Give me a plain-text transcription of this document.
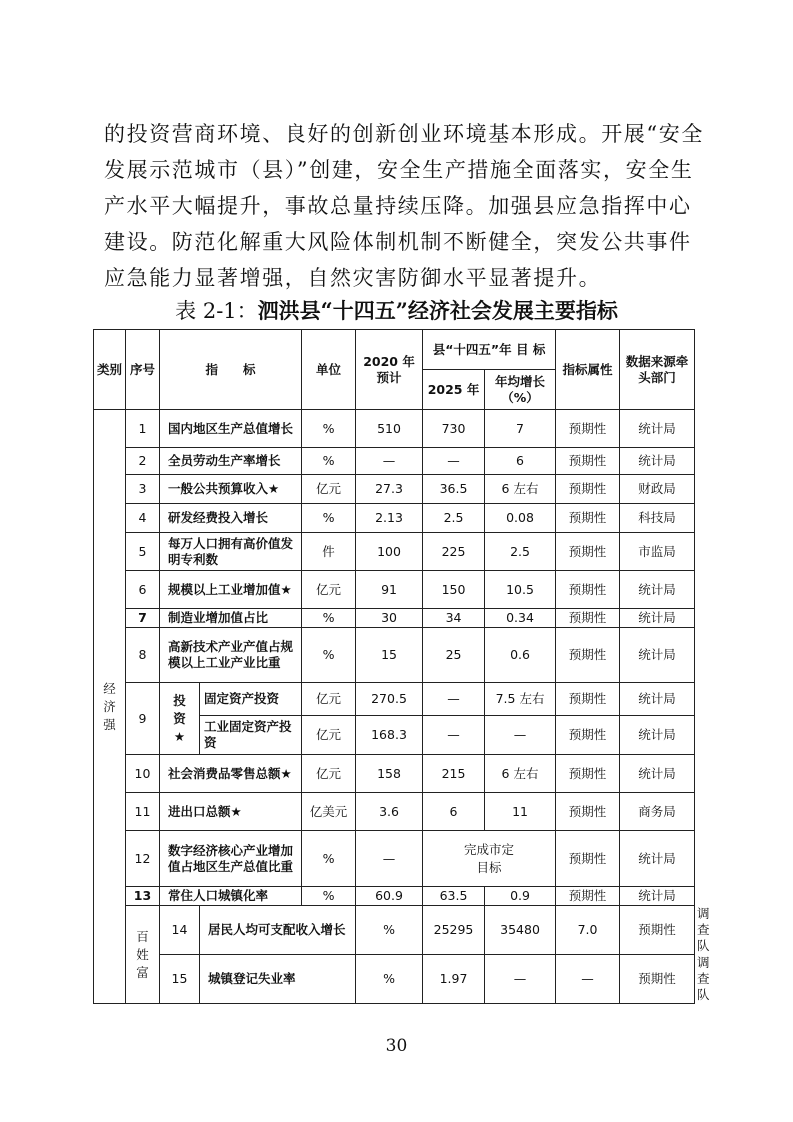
的投资营商环境、良好的创新创业环境基本形成。开展“安全
发展示范城市（县）”创建，安全生产措施全面落实，安全生
产水平大幅提升，事故总量持续压降。加强县应急指挥中心
建设。防范化解重大风险体制机制不断健全，突发公共事件
应急能力显著增强，自然灾害防御水平显著提升。
表 2-1：泗洪县“十四五”经济社会发展主要指标
类别	序号	指　　标		单位	2020 年预计	县“十四五”年 目 标		指标属性	数据来源牵头部门	
						2025 年	年均增长（%）			
经济强	1	国内地区生产总值增长		%	510	730	7	预期性	统计局	
	2	全员劳动生产率增长		%	—	—	6	预期性	统计局	
	3	一般公共预算收入★		亿元	27.3	36.5	6 左右	预期性	财政局	
	4	研发经费投入增长		%	2.13	2.5	0.08	预期性	科技局	
	5	每万人口拥有高价值发明专利数		件	100	225	2.5	预期性	市监局	
	6	规模以上工业增加值★		亿元	91	150	10.5	预期性	统计局	
	7	制造业增加值占比		%	30	34	0.34	预期性	统计局	
	8	高新技术产业产值占规模以上工业产业比重		%	15	25	0.6	预期性	统计局	
	9	投资★	固定资产投资	亿元	270.5	—	7.5 左右	预期性	统计局	
			工业固定资产投资	亿元	168.3	—	—	预期性	统计局	
	10	社会消费品零售总额★		亿元	158	215	6 左右	预期性	统计局	
	11	进出口总额★		亿美元	3.6	6	11	预期性	商务局	
	12	数字经济核心产业增加值占地区生产总值比重		%	—	完成市定目标		预期性	统计局	
	13	常住人口城镇化率		%	60.9	63.5	0.9	预期性	统计局	
	百姓富	14	居民人均可支配收入增长		%	25295	35480	7.0	预期性	调查队
		15	城镇登记失业率		%	1.97	—	—	预期性	调查队
30
